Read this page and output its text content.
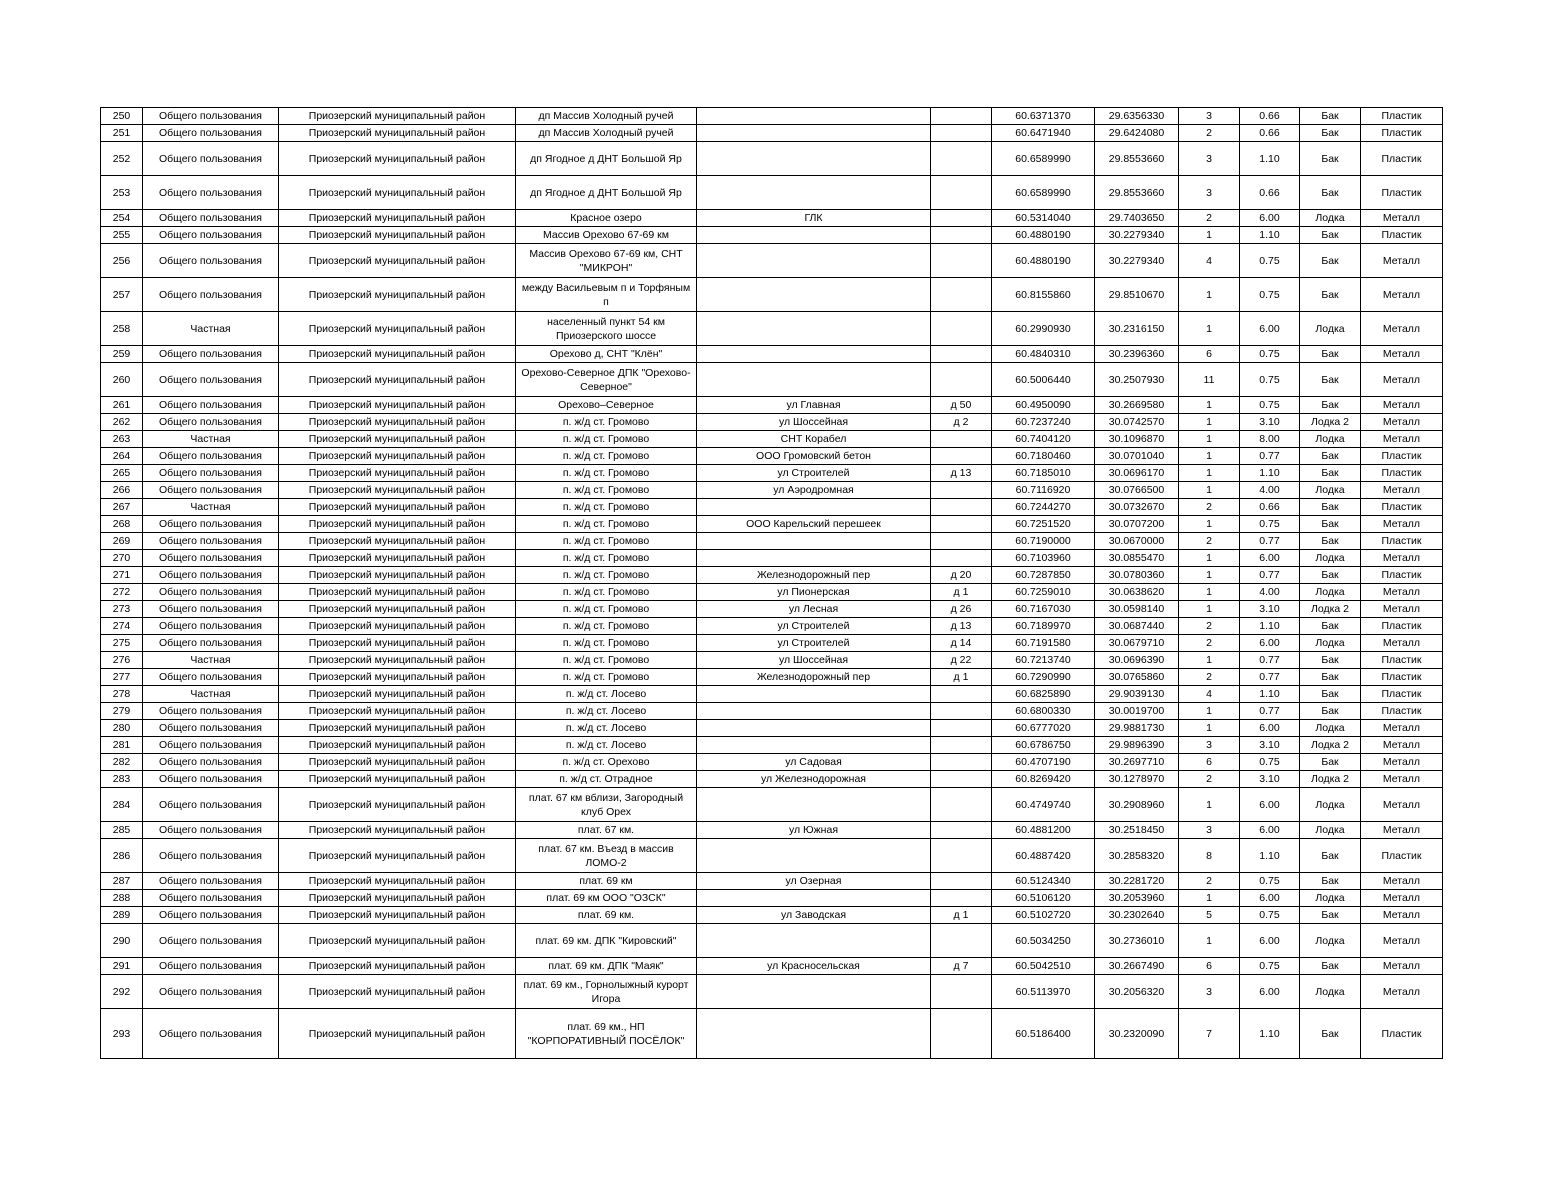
250	Общего пользования	Приозерский муниципальный район	дп Массив Холодный ручей			60.6371370	29.6356330	3	0.66	Бак	Пластик
251	Общего пользования	Приозерский муниципальный район	дп Массив Холодный ручей			60.6471940	29.6424080	2	0.66	Бак	Пластик
252	Общего пользования	Приозерский муниципальный район	дп Ягодное д ДНТ Большой Яр			60.6589990	29.8553660	3	1.10	Бак	Пластик
253	Общего пользования	Приозерский муниципальный район	дп Ягодное д ДНТ Большой Яр			60.6589990	29.8553660	3	0.66	Бак	Пластик
254	Общего пользования	Приозерский муниципальный район	Красное озеро	ГЛК		60.5314040	29.7403650	2	6.00	Лодка	Металл
255	Общего пользования	Приозерский муниципальный район	Массив Орехово 67-69 км			60.4880190	30.2279340	1	1.10	Бак	Пластик
256	Общего пользования	Приозерский муниципальный район	Массив Орехово 67-69 км, СНТ "МИКРОН"			60.4880190	30.2279340	4	0.75	Бак	Металл
257	Общего пользования	Приозерский муниципальный район	между Васильевым п и Торфяным п			60.8155860	29.8510670	1	0.75	Бак	Металл
258	Частная	Приозерский муниципальный район	населенный пункт 54 км Приозерского шоссе			60.2990930	30.2316150	1	6.00	Лодка	Металл
259	Общего пользования	Приозерский муниципальный район	Орехово д, СНТ "Клён"			60.4840310	30.2396360	6	0.75	Бак	Металл
260	Общего пользования	Приозерский муниципальный район	Орехово-Северное ДПК "Орехово-Северное"			60.5006440	30.2507930	11	0.75	Бак	Металл
261	Общего пользования	Приозерский муниципальный район	Орехово–Северное	ул Главная	д 50	60.4950090	30.2669580	1	0.75	Бак	Металл
262	Общего пользования	Приозерский муниципальный район	п. ж/д ст. Громово	ул Шоссейная	д 2	60.7237240	30.0742570	1	3.10	Лодка 2	Металл
263	Частная	Приозерский муниципальный район	п. ж/д ст. Громово	СНТ Корабел		60.7404120	30.1096870	1	8.00	Лодка	Металл
264	Общего пользования	Приозерский муниципальный район	п. ж/д ст. Громово	ООО Громовский бетон		60.7180460	30.0701040	1	0.77	Бак	Пластик
265	Общего пользования	Приозерский муниципальный район	п. ж/д ст. Громово	ул Строителей	д 13	60.7185010	30.0696170	1	1.10	Бак	Пластик
266	Общего пользования	Приозерский муниципальный район	п. ж/д ст. Громово	ул Аэродромная		60.7116920	30.0766500	1	4.00	Лодка	Металл
267	Частная	Приозерский муниципальный район	п. ж/д ст. Громово			60.7244270	30.0732670	2	0.66	Бак	Пластик
268	Общего пользования	Приозерский муниципальный район	п. ж/д ст. Громово	ООО Карельский перешеек		60.7251520	30.0707200	1	0.75	Бак	Металл
269	Общего пользования	Приозерский муниципальный район	п. ж/д ст. Громово			60.7190000	30.0670000	2	0.77	Бак	Пластик
270	Общего пользования	Приозерский муниципальный район	п. ж/д ст. Громово			60.7103960	30.0855470	1	6.00	Лодка	Металл
271	Общего пользования	Приозерский муниципальный район	п. ж/д ст. Громово	Железнодорожный пер	д 20	60.7287850	30.0780360	1	0.77	Бак	Пластик
272	Общего пользования	Приозерский муниципальный район	п. ж/д ст. Громово	ул Пионерская	д 1	60.7259010	30.0638620	1	4.00	Лодка	Металл
273	Общего пользования	Приозерский муниципальный район	п. ж/д ст. Громово	ул Лесная	д 26	60.7167030	30.0598140	1	3.10	Лодка 2	Металл
274	Общего пользования	Приозерский муниципальный район	п. ж/д ст. Громово	ул Строителей	д 13	60.7189970	30.0687440	2	1.10	Бак	Пластик
275	Общего пользования	Приозерский муниципальный район	п. ж/д ст. Громово	ул Строителей	д 14	60.7191580	30.0679710	2	6.00	Лодка	Металл
276	Частная	Приозерский муниципальный район	п. ж/д ст. Громово	ул Шоссейная	д 22	60.7213740	30.0696390	1	0.77	Бак	Пластик
277	Общего пользования	Приозерский муниципальный район	п. ж/д ст. Громово	Железнодорожный пер	д 1	60.7290990	30.0765860	2	0.77	Бак	Пластик
278	Частная	Приозерский муниципальный район	п. ж/д ст. Лосево			60.6825890	29.9039130	4	1.10	Бак	Пластик
279	Общего пользования	Приозерский муниципальный район	п. ж/д ст. Лосево			60.6800330	30.0019700	1	0.77	Бак	Пластик
280	Общего пользования	Приозерский муниципальный район	п. ж/д ст. Лосево			60.6777020	29.9881730	1	6.00	Лодка	Металл
281	Общего пользования	Приозерский муниципальный район	п. ж/д ст. Лосево			60.6786750	29.9896390	3	3.10	Лодка 2	Металл
282	Общего пользования	Приозерский муниципальный район	п. ж/д ст. Орехово	ул Садовая		60.4707190	30.2697710	6	0.75	Бак	Металл
283	Общего пользования	Приозерский муниципальный район	п. ж/д ст. Отрадное	ул Железнодорожная		60.8269420	30.1278970	2	3.10	Лодка 2	Металл
284	Общего пользования	Приозерский муниципальный район	плат. 67 км вблизи, Загородный клуб Орех			60.4749740	30.2908960	1	6.00	Лодка	Металл
285	Общего пользования	Приозерский муниципальный район	плат. 67 км.	ул Южная		60.4881200	30.2518450	3	6.00	Лодка	Металл
286	Общего пользования	Приозерский муниципальный район	плат. 67 км. Въезд в массив ЛОМО-2			60.4887420	30.2858320	8	1.10	Бак	Пластик
287	Общего пользования	Приозерский муниципальный район	плат. 69 км	ул Озерная		60.5124340	30.2281720	2	0.75	Бак	Металл
288	Общего пользования	Приозерский муниципальный район	плат. 69 км ООО "ОЗСК"			60.5106120	30.2053960	1	6.00	Лодка	Металл
289	Общего пользования	Приозерский муниципальный район	плат. 69 км.	ул Заводская	д 1	60.5102720	30.2302640	5	0.75	Бак	Металл
290	Общего пользования	Приозерский муниципальный район	плат. 69 км. ДПК "Кировский"			60.5034250	30.2736010	1	6.00	Лодка	Металл
291	Общего пользования	Приозерский муниципальный район	плат. 69 км. ДПК "Маяк"	ул Красносельская	д 7	60.5042510	30.2667490	6	0.75	Бак	Металл
292	Общего пользования	Приозерский муниципальный район	плат. 69 км., Горнолыжный курорт Игора			60.5113970	30.2056320	3	6.00	Лодка	Металл
293	Общего пользования	Приозерский муниципальный район	плат. 69 км., НП "КОРПОРАТИВНЫЙ ПОСЁЛОК"			60.5186400	30.2320090	7	1.10	Бак	Пластик
